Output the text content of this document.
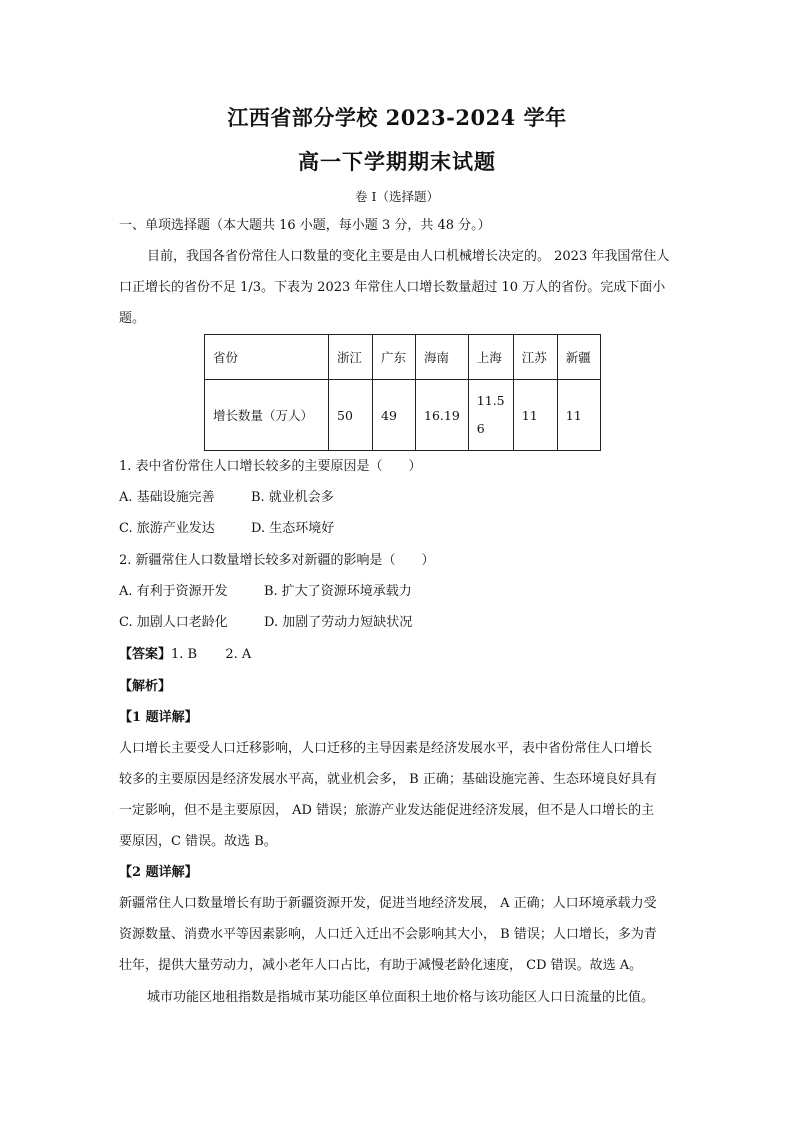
江西省部分学校 2023-2024 学年
高一下学期期末试题
卷 I（选择题）
一、单项选择题（本大题共 16 小题，每小题 3 分，共 48 分。）
目前，我国各省份常住人口数量的变化主要是由人口机械增长决定的。 2023 年我国常住人
口正增长的省份不足 1/3。下表为 2023 年常住人口增长数量超过 10 万人的省份。完成下面小
题。
省份	浙江	广东	海南	上海	江苏	新疆
增长数量（万人）	50	49	16.19	11.56	11	11
1. 表中省份常住人口增长较多的主要原因是（　　）
A. 基础设施完善	B. 就业机会多
C. 旅游产业发达	D. 生态环境好
2. 新疆常住人口数量增长较多对新疆的影响是（　　）
A. 有利于资源开发	B. 扩大了资源环境承载力
C. 加剧人口老龄化	D. 加剧了劳动力短缺状况
【答案】1. B 2. A
【解析】
【1 题详解】
人口增长主要受人口迁移影响，人口迁移的主导因素是经济发展水平，表中省份常住人口增长
较多的主要原因是经济发展水平高，就业机会多， B 正确；基础设施完善、生态环境良好具有
一定影响，但不是主要原因， AD 错误；旅游产业发达能促进经济发展，但不是人口增长的主
要原因，C 错误。故选 B。
【2 题详解】
新疆常住人口数量增长有助于新疆资源开发，促进当地经济发展， A 正确；人口环境承载力受
资源数量、消费水平等因素影响，人口迁入迁出不会影响其大小， B 错误；人口增长，多为青
壮年，提供大量劳动力，减小老年人口占比，有助于减慢老龄化速度， CD 错误。故选 A。
城市功能区地租指数是指城市某功能区单位面积土地价格与该功能区人口日流量的比值。
